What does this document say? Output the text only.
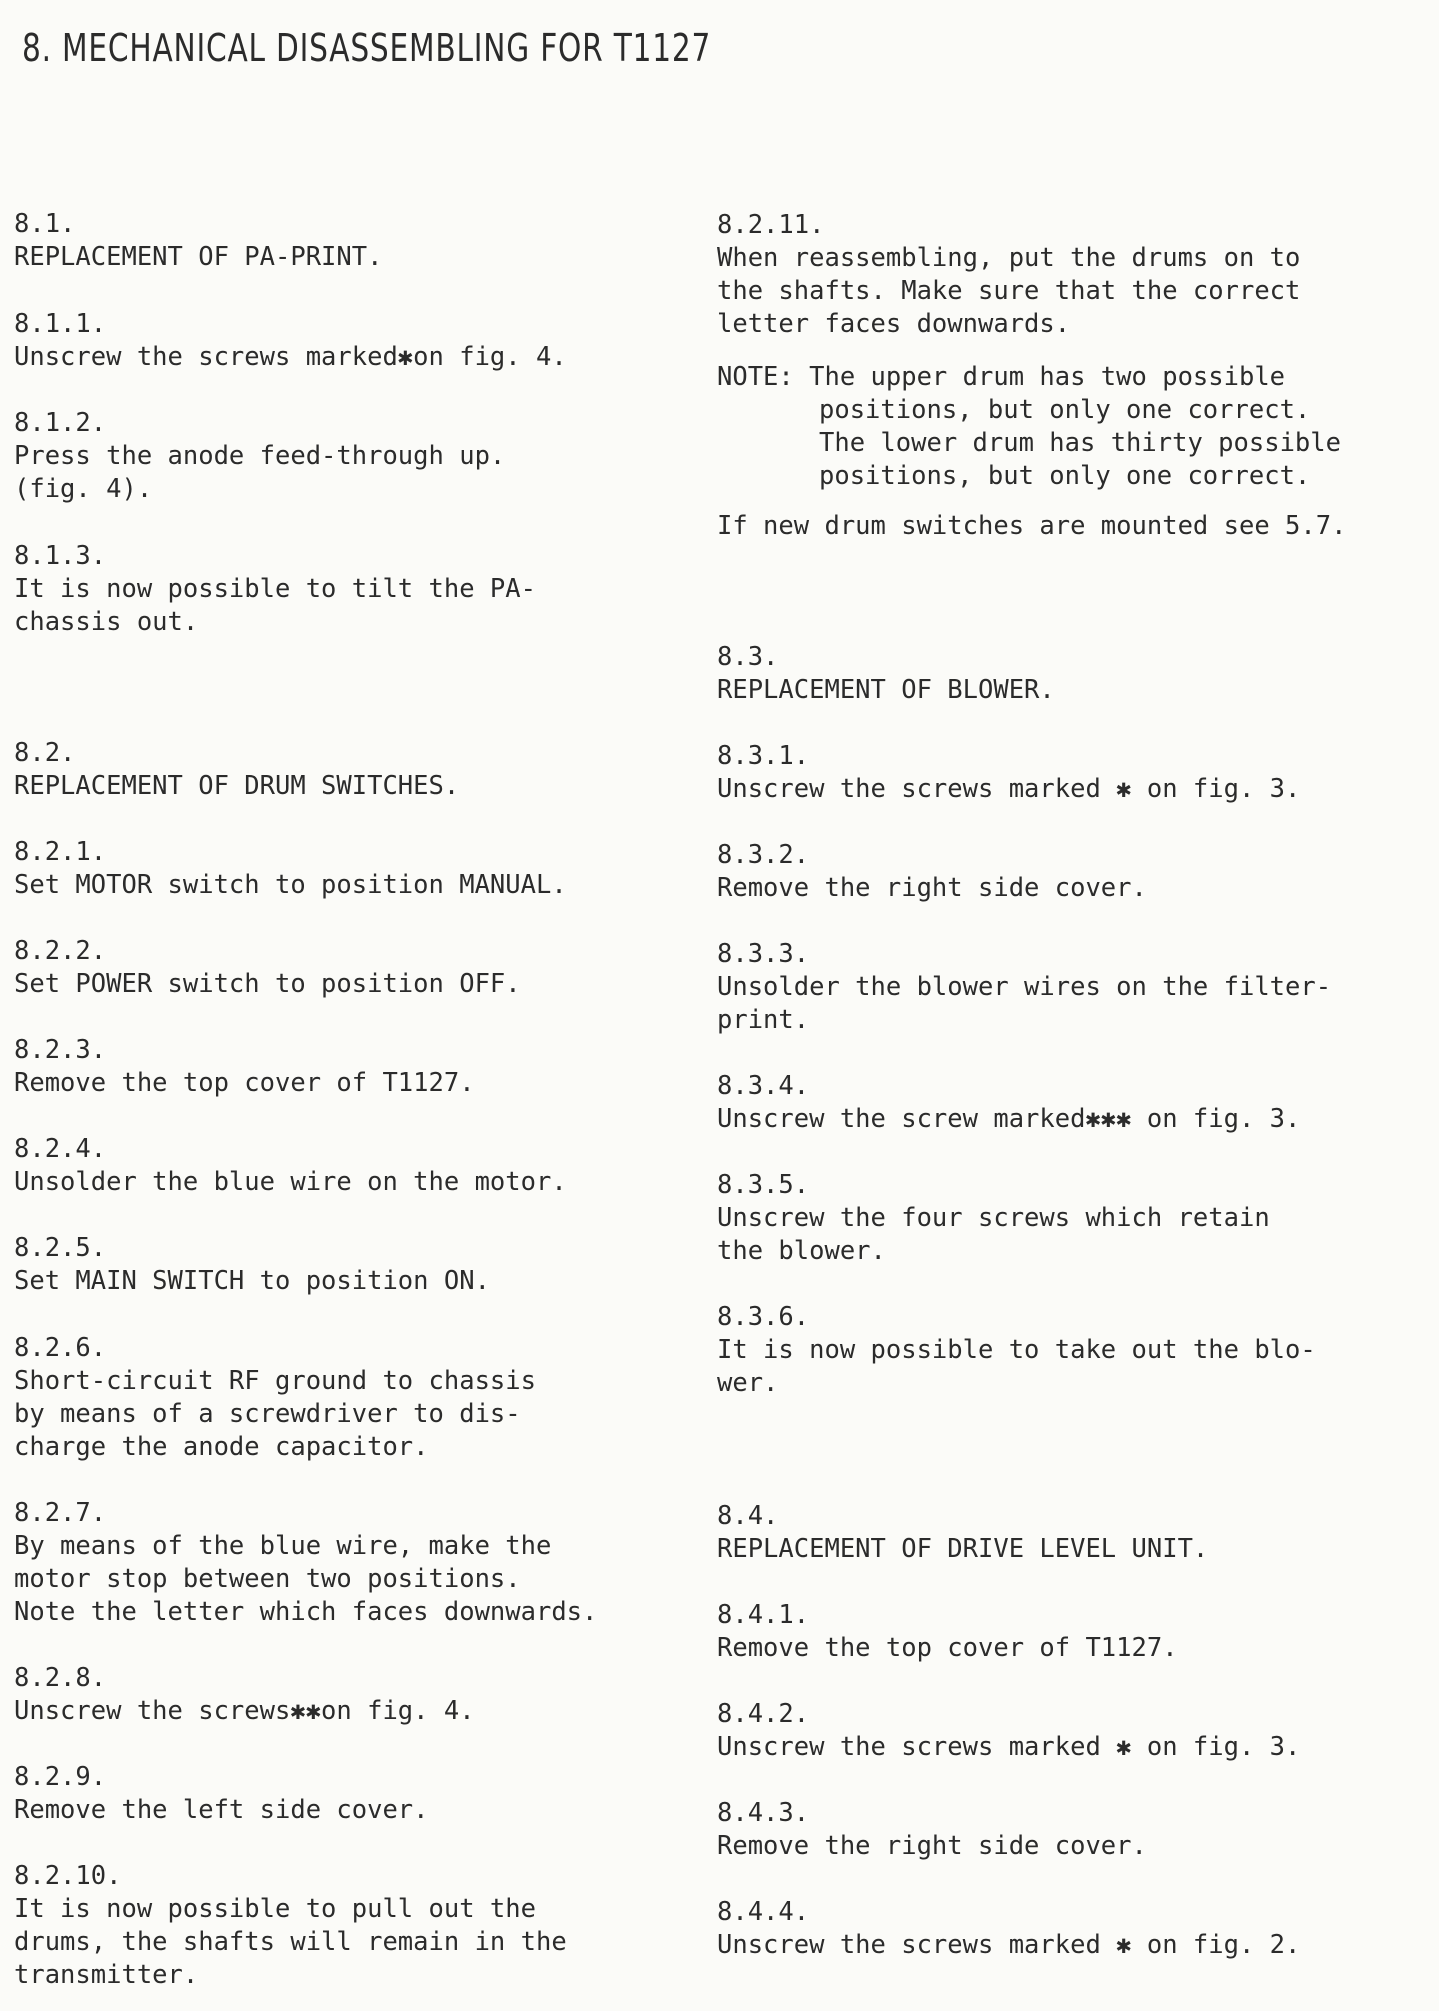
8. MECHANICAL DISASSEMBLING FOR T1127
8.1.
REPLACEMENT OF PA-PRINT.
8.1.1.
Unscrew the screws marked✱on fig. 4.
8.1.2.
Press the anode feed-through up.
(fig. 4).
8.1.3.
It is now possible to tilt the PA-
chassis out.
8.2.
REPLACEMENT OF DRUM SWITCHES.
8.2.1.
Set MOTOR switch to position MANUAL.
8.2.2.
Set POWER switch to position OFF.
8.2.3.
Remove the top cover of T1127.
8.2.4.
Unsolder the blue wire on the motor.
8.2.5.
Set MAIN SWITCH to position ON.
8.2.6.
Short-circuit RF ground to chassis
by means of a screwdriver to dis-
charge the anode capacitor.
8.2.7.
By means of the blue wire, make the
motor stop between two positions.
Note the letter which faces downwards.
8.2.8.
Unscrew the screws✱✱on fig. 4.
8.2.9.
Remove the left side cover.
8.2.10.
It is now possible to pull out the
drums, the shafts will remain in the
transmitter.
8.2.11.
When reassembling, put the drums on to
the shafts. Make sure that the correct
letter faces downwards.
NOTE: The upper drum has two possible
positions, but only one correct.
The lower drum has thirty possible
positions, but only one correct.
If new drum switches are mounted see 5.7.
8.3.
REPLACEMENT OF BLOWER.
8.3.1.
Unscrew the screws marked ✱ on fig. 3.
8.3.2.
Remove the right side cover.
8.3.3.
Unsolder the blower wires on the filter-
print.
8.3.4.
Unscrew the screw marked✱✱✱ on fig. 3.
8.3.5.
Unscrew the four screws which retain
the blower.
8.3.6.
It is now possible to take out the blo-
wer.
8.4.
REPLACEMENT OF DRIVE LEVEL UNIT.
8.4.1.
Remove the top cover of T1127.
8.4.2.
Unscrew the screws marked ✱ on fig. 3.
8.4.3.
Remove the right side cover.
8.4.4.
Unscrew the screws marked ✱ on fig. 2.
